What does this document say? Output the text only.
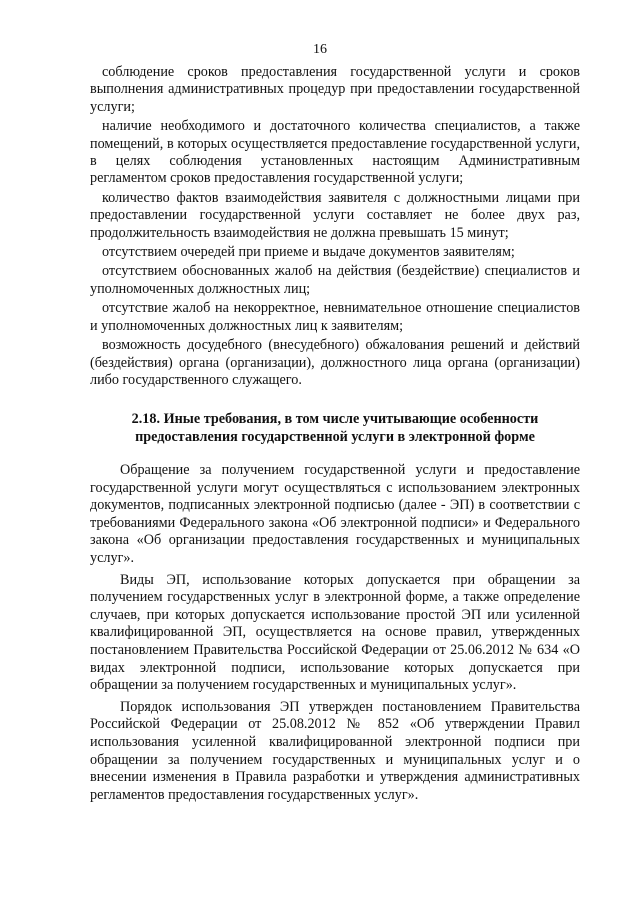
16

соблюдение сроков предоставления государственной услуги и сроков выполнения административных процедур при предоставлении государственной услуги;

наличие необходимого и достаточного количества специалистов, а также помещений, в которых осуществляется предоставление государственной услуги, в целях соблюдения установленных настоящим Административным регламентом сроков предоставления государственной услуги;

количество фактов взаимодействия заявителя с должностными лицами при предоставлении государственной услуги составляет не более двух раз, продолжительность взаимодействия не должна превышать 15 минут;

отсутствием очередей при приеме и выдаче документов заявителям;

отсутствием обоснованных жалоб на действия (бездействие) специалистов и уполномоченных должностных лиц;

отсутствие жалоб на некорректное, невнимательное отношение специалистов и уполномоченных должностных лиц к заявителям;

возможность досудебного (внесудебного) обжалования решений и действий (бездействия) органа (организации), должностного лица органа (организации) либо государственного служащего.

2.18. Иные требования, в том числе учитывающие особенности

предоставления государственной услуги в электронной форме

Обращение за получением государственной услуги и предоставление государственной услуги могут осуществляться с использованием электронных документов, подписанных электронной подписью (далее - ЭП) в соответствии с требованиями Федерального закона «Об электронной подписи» и Федерального закона «Об организации предоставления государственных и муниципальных услуг».

Виды ЭП, использование которых допускается при обращении за получением государственных услуг в электронной форме, а также определение случаев, при которых допускается использование простой ЭП или усиленной квалифицированной ЭП, осуществляется на основе правил, утвержденных постановлением Правительства Российской Федерации от 25.06.2012 № 634 «О видах электронной подписи, использование которых допускается при обращении за получением государственных и муниципальных услуг».

Порядок использования ЭП утвержден постановлением Правительства Российской Федерации от 25.08.2012 № 852 «Об утверждении Правил использования усиленной квалифицированной электронной подписи при обращении за получением государственных и муниципальных услуг и о внесении изменения в Правила разработки и утверждения административных регламентов предоставления государственных услуг».
